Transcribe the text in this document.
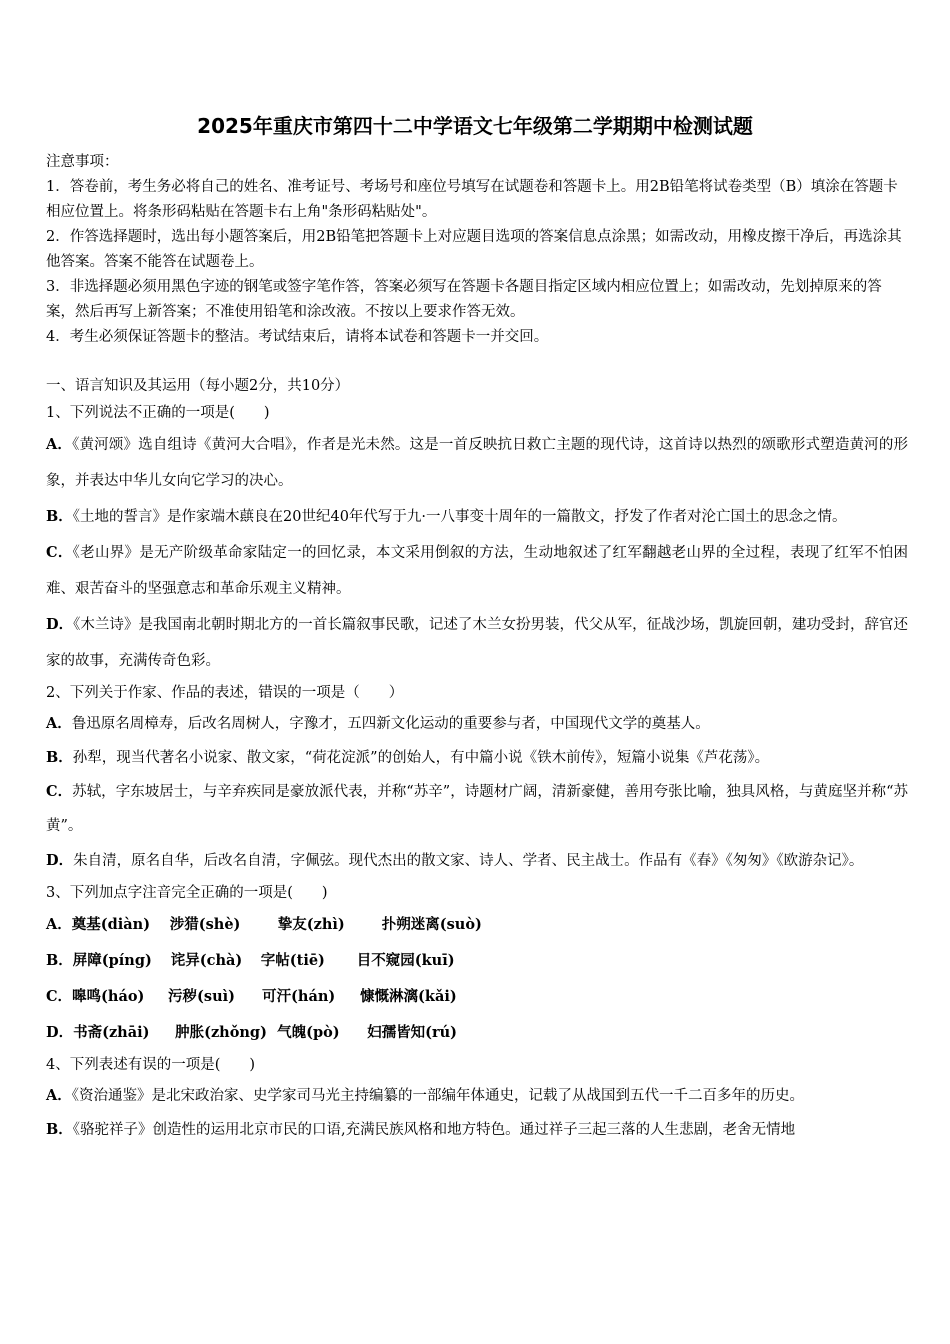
2025年重庆市第四十二中学语文七年级第二学期期中检测试题

注意事项：

1．答卷前，考生务必将自己的姓名、准考证号、考场号和座位号填写在试题卷和答题卡上。用2B铅笔将试卷类型（B）填涂在答题卡相应位置上。将条形码粘贴在答题卡右上角"条形码粘贴处"。

2．作答选择题时，选出每小题答案后，用2B铅笔把答题卡上对应题目选项的答案信息点涂黑；如需改动，用橡皮擦干净后，再选涂其他答案。答案不能答在试题卷上。

3．非选择题必须用黑色字迹的钢笔或签字笔作答，答案必须写在答题卡各题目指定区域内相应位置上；如需改动，先划掉原来的答案，然后再写上新答案；不准使用铅笔和涂改液。不按以上要求作答无效。

4．考生必须保证答题卡的整洁。考试结束后，请将本试卷和答题卡一并交回。

一、语言知识及其运用（每小题2分，共10分）

1、下列说法不正确的一项是(　　)

A．《黄河颂》选自组诗《黄河大合唱》，作者是光未然。这是一首反映抗日救亡主题的现代诗，这首诗以热烈的颂歌形式塑造黄河的形象，并表达中华儿女向它学习的决心。

B．《土地的誓言》是作家端木蕻良在20世纪40年代写于九·一八事变十周年的一篇散文，抒发了作者对沦亡国土的思念之情。

C．《老山界》是无产阶级革命家陆定一的回忆录，本文采用倒叙的方法，生动地叙述了红军翻越老山界的全过程，表现了红军不怕困难、艰苦奋斗的坚强意志和革命乐观主义精神。

D．《木兰诗》是我国南北朝时期北方的一首长篇叙事民歌，记述了木兰女扮男装，代父从军，征战沙场，凯旋回朝，建功受封，辞官还家的故事，充满传奇色彩。

2、下列关于作家、作品的表述，错误的一项是（　　）

A．鲁迅原名周樟寿，后改名周树人，字豫才，五四新文化运动的重要参与者，中国现代文学的奠基人。

B．孙犁，现当代著名小说家、散文家，“荷花淀派”的创始人，有中篇小说《铁木前传》，短篇小说集《芦花荡》。

C．苏轼，字东坡居士，与辛弃疾同是豪放派代表，并称“苏辛”，诗题材广阔，清新豪健，善用夸张比喻，独具风格，与黄庭坚并称“苏黄”。

D．朱自清，原名自华，后改名自清，字佩弦。现代杰出的散文家、诗人、学者、民主战士。作品有《春》《匆匆》《欧游杂记》。

3、下列加点字注音完全正确的一项是(　　)

A．奠基(diàn) 涉猎(shè)	挚友(zhì)	扑朔迷离(suò)

B．屏障(píng) 诧异(chà) 字帖(tiē) 目不窥园(kuī)

C．嗥鸣(háo) 污秽(suì) 可汗(hán) 慷慨淋漓(kǎi)

D．书斋(zhāi) 肿胀(zhǒng) 气魄(pò) 妇孺皆知(rú)

4、下列表述有误的一项是(　　)

A．《资治通鉴》是北宋政治家、史学家司马光主持编纂的一部编年体通史，记载了从战国到五代一千二百多年的历史。

B．《骆驼祥子》创造性的运用北京市民的口语,充满民族风格和地方特色。通过祥子三起三落的人生悲剧，老舍无情地
